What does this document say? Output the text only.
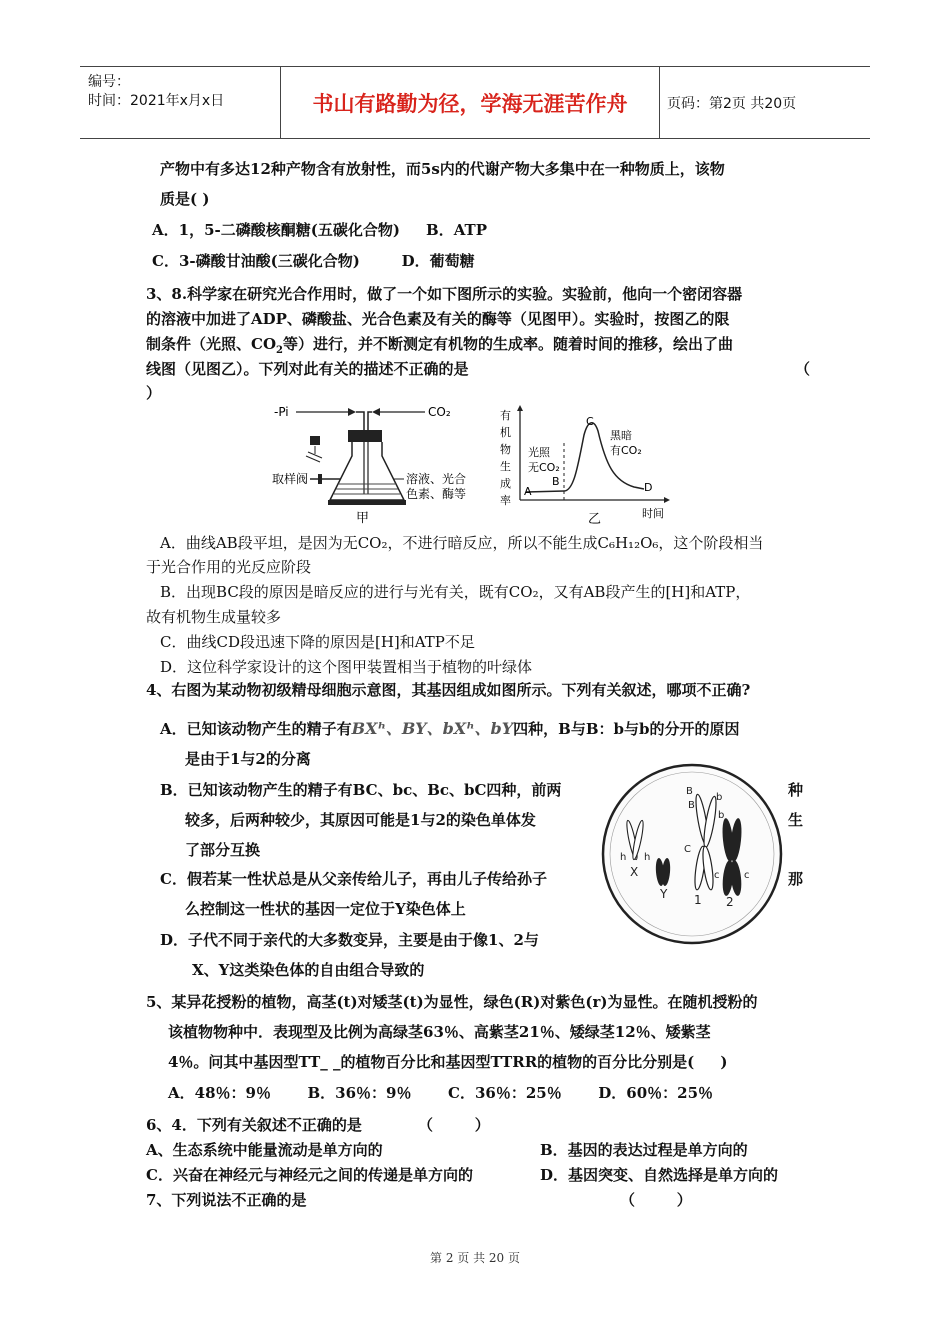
编号：
时间：2021年x月x日	书山有路勤为径，学海无涯苦作舟	页码：第2页 共20页
产物中有多达12种产物含有放射性，而5s内的代谢产物大多集中在一种物质上，该物
质是( )
A．1，5-二磷酸核酮糖(五碳化合物)     B．ATP
C．3-磷酸甘油酸(三碳化合物)        D．葡萄糖
3、8.科学家在研究光合作用时，做了一个如下图所示的实验。实验前，他向一个密闭容器
的溶液中加进了ADP、磷酸盐、光合色素及有关的酶等（见图甲）。实验时，按图乙的限
制条件（光照、$CO_2$等）进行，并不断测定有机物的生成率。随着时间的推移，绘出了曲
线图（见图乙）。下列对此有关的描述不正确的是	（
）
-Pi	CO₂
取样阀	溶液、光合
色素、酶等
甲
有
机
物
生
成
率
A
B
C
D
光照
无CO₂
黑暗
有CO₂
乙	时间
A．曲线AB段平坦，是因为无CO₂，不进行暗反应，所以不能生成C₆H₁₂O₆，这个阶段相当
于光合作用的光反应阶段
B．出现BC段的原因是暗反应的进行与光有关，既有CO₂，又有AB段产生的[H]和ATP，
故有机物生成量较多
C．曲线CD段迅速下降的原因是[H]和ATP不足
D．这位科学家设计的这个图甲装置相当于植物的叶绿体
4、右图为某动物初级精母细胞示意图，其基因组成如图所示。下列有关叙述，哪项不正确?
A．已知该动物产生的精子有BXʰ、BY、bXʰ、bY四种，B与B：b与b的分开的原因
是由于1与2的分离
B．已知该动物产生的精子有BC、bc、Bc、bC四种，前两	种
较多，后两种较少，其原因可能是1与2的染色单体发	生
了部分互换
C．假若某一性状总是从父亲传给儿子，再由儿子传给孙子	那
么控制这一性状的基因一定位于Y染色体上
D．子代不同于亲代的大多数变异，主要是由于像1、2与
X、Y这类染色体的自由组合导致的
B
B
b
b
C
c c
h h
X
Y 1 2
5、某异花授粉的植物，高茎(t)对矮茎(t)为显性，绿色(R)对紫色(r)为显性。在随机授粉的
该植物物种中．表现型及比例为高绿茎63％、高紫茎21％、矮绿茎12％、矮紫茎
4％。问其中基因型TT_ _的植物百分比和基因型TTRR的植物的百分比分别是(     )
A．48％：9％       B．36％：9％       C．36％：25％       D．60％：25％
6、4．下列有关叙述不正确的是	（        ）
A、生态系统中能量流动是单方向的	B．基因的表达过程是单方向的
C．兴奋在神经元与神经元之间的传递是单方向的	D．基因突变、自然选择是单方向的
7、下列说法不正确的是	（        ）
第 2 页 共 20 页
